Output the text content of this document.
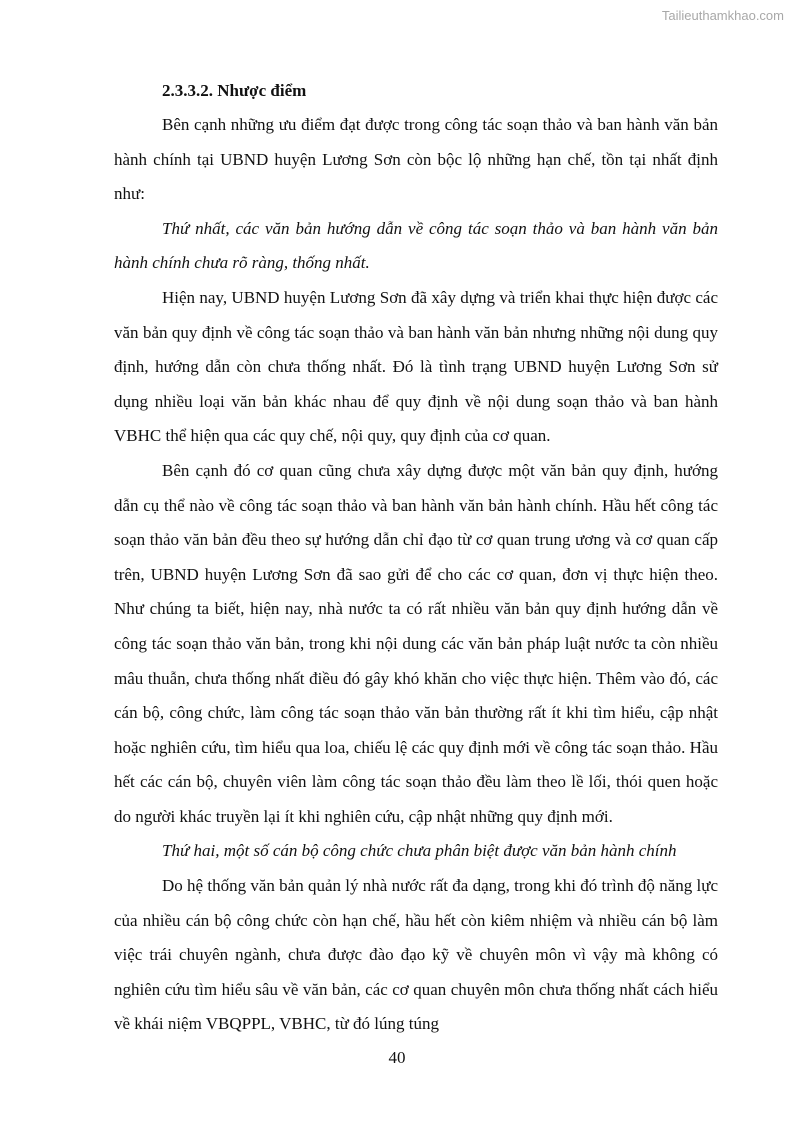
Tailieuthamkhao.com

2.3.3.2. Nhược điểm

Bên cạnh những ưu điểm đạt được trong công tác soạn thảo và ban hành văn bản hành chính tại UBND huyện Lương Sơn còn bộc lộ những hạn chế, tồn tại nhất định như:

Thứ nhất, các văn bản hướng dẫn về công tác soạn thảo và ban hành văn bản hành chính chưa rõ ràng, thống nhất.

Hiện nay, UBND huyện Lương Sơn đã xây dựng và triển khai thực hiện được các văn bản quy định về công tác soạn thảo và ban hành văn bản nhưng những nội dung quy định, hướng dẫn còn chưa thống nhất. Đó là tình trạng UBND huyện Lương Sơn sử dụng nhiều loại văn bản khác nhau để quy định về nội dung soạn thảo và ban hành VBHC thể hiện qua các quy chế, nội quy, quy định của cơ quan.

Bên cạnh đó cơ quan cũng chưa xây dựng được một văn bản quy định, hướng dẫn cụ thể nào về công tác soạn thảo và ban hành văn bản hành chính. Hầu hết công tác soạn thảo văn bản đều theo sự hướng dẫn chỉ đạo từ cơ quan trung ương và cơ quan cấp trên, UBND huyện Lương Sơn đã sao gửi để cho các cơ quan, đơn vị thực hiện theo. Như chúng ta biết, hiện nay, nhà nước ta có rất nhiều văn bản quy định hướng dẫn về công tác soạn thảo văn bản, trong khi nội dung các văn bản pháp luật nước ta còn nhiều mâu thuẫn, chưa thống nhất điều đó gây khó khăn cho việc thực hiện. Thêm vào đó, các cán bộ, công chức, làm công tác soạn thảo văn bản thường rất ít khi tìm hiểu, cập nhật hoặc nghiên cứu, tìm hiểu qua loa, chiếu lệ các quy định mới về công tác soạn thảo. Hầu hết các cán bộ, chuyên viên làm công tác soạn thảo đều làm theo lề lối, thói quen hoặc do người khác truyền lại ít khi nghiên cứu, cập nhật những quy định mới.

Thứ hai, một số cán bộ công chức chưa phân biệt được văn bản hành chính

Do hệ thống văn bản quản lý nhà nước rất đa dạng, trong khi đó trình độ năng lực của nhiều cán bộ công chức còn hạn chế, hầu hết còn kiêm nhiệm và nhiều cán bộ làm việc trái chuyên ngành, chưa được đào đạo kỹ về chuyên môn vì vậy mà không có nghiên cứu tìm hiểu sâu về văn bản, các cơ quan chuyên môn chưa thống nhất cách hiểu về khái niệm VBQPPL, VBHC, từ đó lúng túng

40
